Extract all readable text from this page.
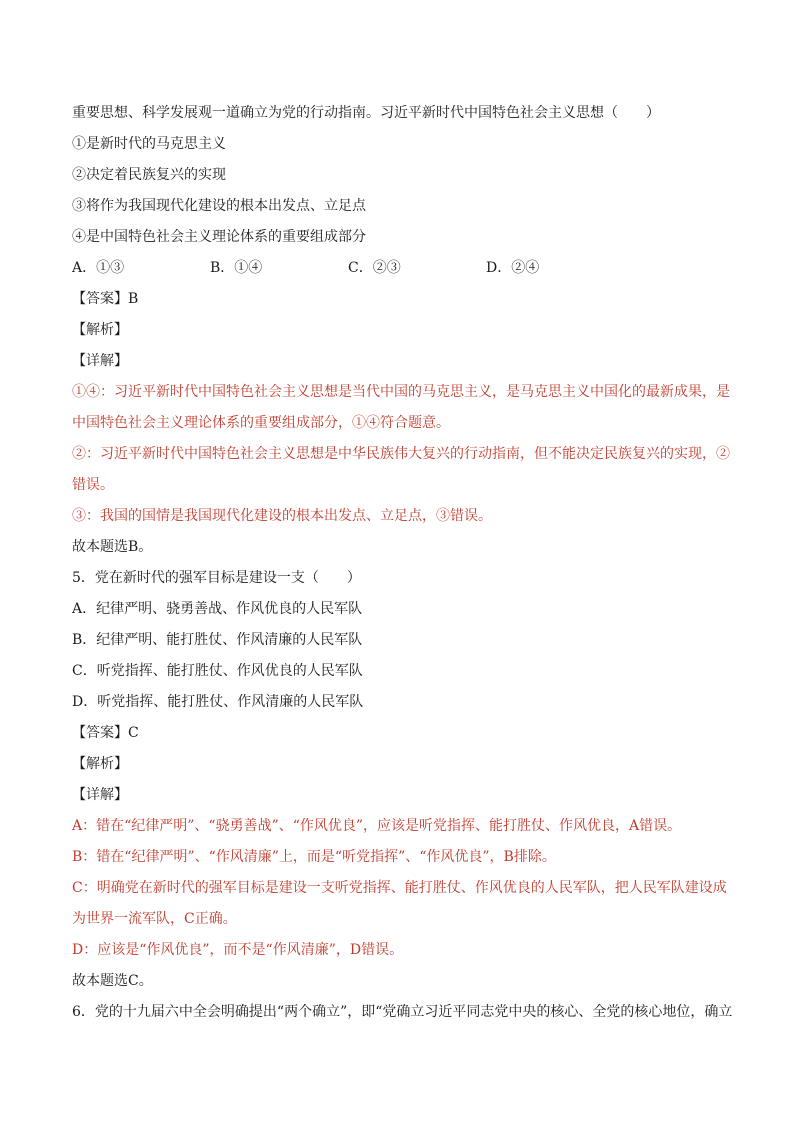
重要思想、科学发展观一道确立为党的行动指南。习近平新时代中国特色社会主义思想（　　）
①是新时代的马克思主义
②决定着民族复兴的实现
③将作为我国现代化建设的根本出发点、立足点
④是中国特色社会主义理论体系的重要组成部分
A．①③	B．①④	C．②③	D．②④
【答案】B
【解析】
【详解】
①④：习近平新时代中国特色社会主义思想是当代中国的马克思主义，是马克思主义中国化的最新成果，是中国特色社会主义理论体系的重要组成部分，①④符合题意。
②：习近平新时代中国特色社会主义思想是中华民族伟大复兴的行动指南，但不能决定民族复兴的实现，②错误。
③：我国的国情是我国现代化建设的根本出发点、立足点，③错误。
故本题选B。
5．党在新时代的强军目标是建设一支（　　）
A．纪律严明、骁勇善战、作风优良的人民军队
B．纪律严明、能打胜仗、作风清廉的人民军队
C．听党指挥、能打胜仗、作风优良的人民军队
D．听党指挥、能打胜仗、作风清廉的人民军队
【答案】C
【解析】
【详解】
A：错在“纪律严明”、“骁勇善战”、“作风优良”，应该是听党指挥、能打胜仗、作风优良，A错误。
B：错在“纪律严明”、“作风清廉”上，而是“听党指挥”、“作风优良”，B排除。
C：明确党在新时代的强军目标是建设一支听党指挥、能打胜仗、作风优良的人民军队，把人民军队建设成为世界一流军队，C正确。
D：应该是“作风优良”，而不是“作风清廉”，D错误。
故本题选C。
6．党的十九届六中全会明确提出“两个确立”，即“党确立习近平同志党中央的核心、全党的核心地位，确立
